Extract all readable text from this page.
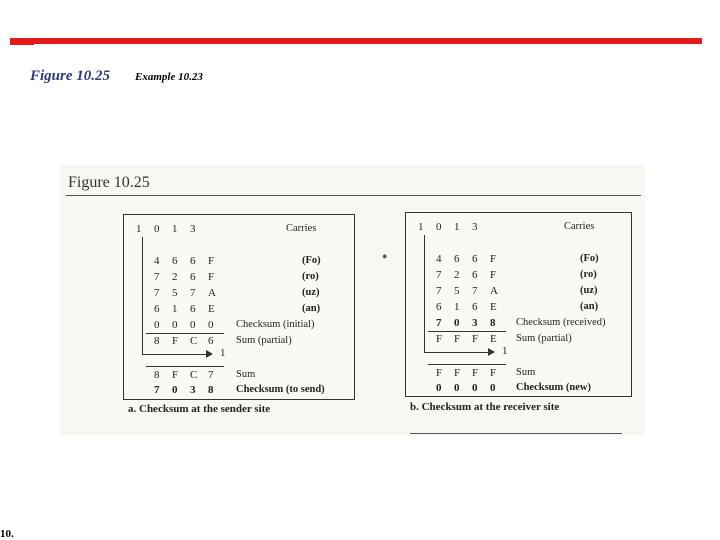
Figure 10.25 Example 10.23
10.
Figure 10.25
●
1 0 1 3	Carries
4 6 6 F	(Fo)
7 2 6 F	(ro)
7 5 7 A	(uz)
6 1 6 E	(an)
0 0 0 0 Checksum (initial)
8 F C 6 Sum (partial)
1
8 F C 7 Sum
7 0 3 8 Checksum (to send)
a. Checksum at the sender site
1 0 1 3	Carries
4 6 6 F	(Fo)
7 2 6 F	(ro)
7 5 7 A	(uz)
6 1 6 E	(an)
7 0 3 8 Checksum (received)
F F F E Sum (partial)
1
F F F F Sum
0 0 0 0 Checksum (new)
b. Checksum at the receiver site
